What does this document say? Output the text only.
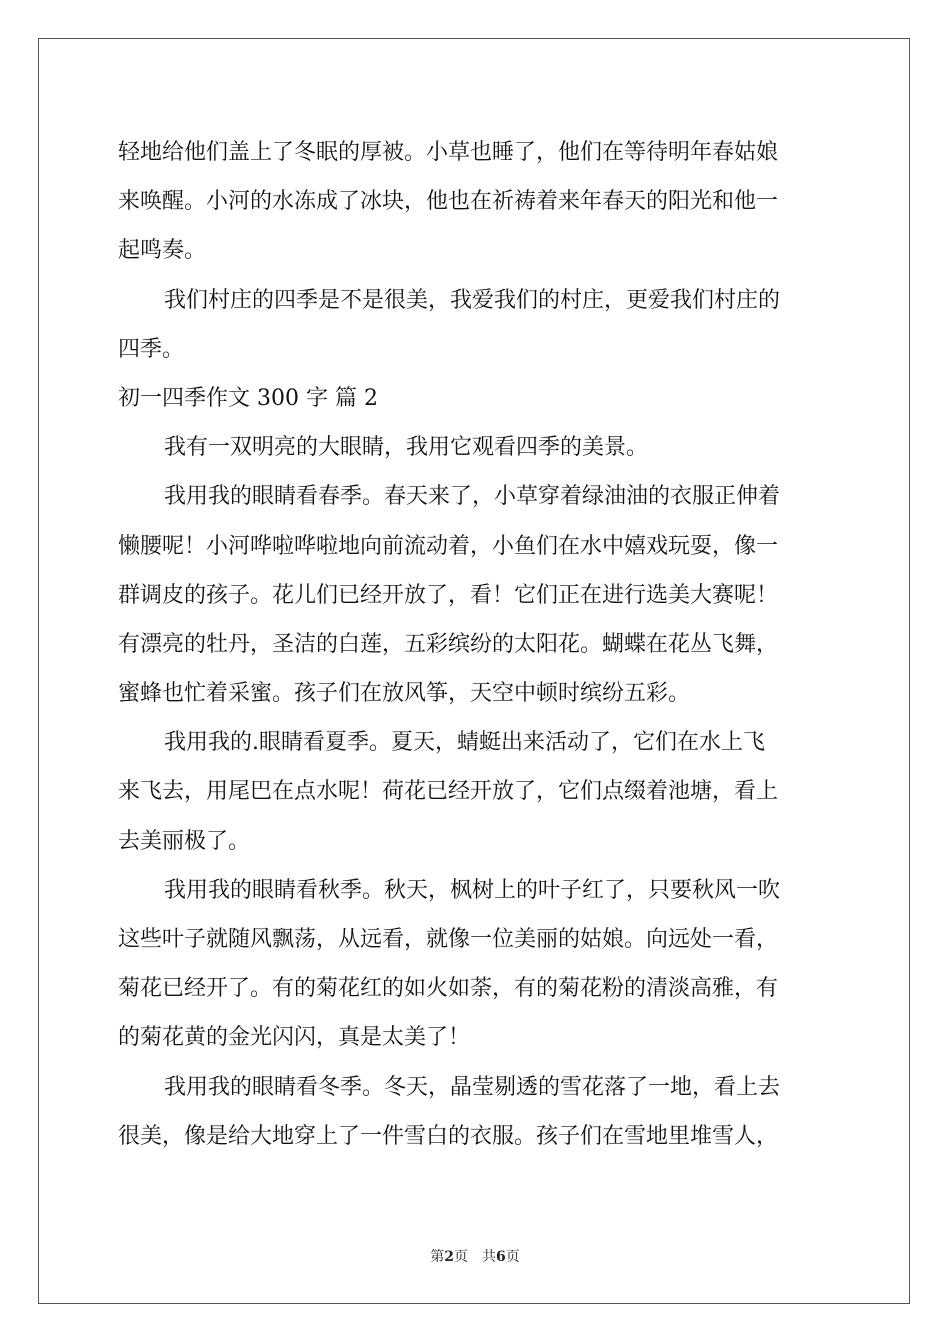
轻地给他们盖上了冬眠的厚被。小草也睡了，他们在等待明年春姑娘
来唤醒。小河的水冻成了冰块，他也在祈祷着来年春天的阳光和他一
起鸣奏。
我们村庄的四季是不是很美，我爱我们的村庄，更爱我们村庄的
四季。
初一四季作文 300 字 篇 2
我有一双明亮的大眼睛，我用它观看四季的美景。
我用我的眼睛看春季。春天来了，小草穿着绿油油的衣服正伸着
懒腰呢！小河哗啦哗啦地向前流动着，小鱼们在水中嬉戏玩耍，像一
群调皮的孩子。花儿们已经开放了，看！它们正在进行选美大赛呢！
有漂亮的牡丹，圣洁的白莲，五彩缤纷的太阳花。蝴蝶在花丛飞舞，
蜜蜂也忙着采蜜。孩子们在放风筝，天空中顿时缤纷五彩。
我用我的.眼睛看夏季。夏天，蜻蜓出来活动了，它们在水上飞
来飞去，用尾巴在点水呢！荷花已经开放了，它们点缀着池塘，看上
去美丽极了。
我用我的眼睛看秋季。秋天，枫树上的叶子红了，只要秋风一吹
这些叶子就随风飘荡，从远看，就像一位美丽的姑娘。向远处一看，
菊花已经开了。有的菊花红的如火如荼，有的菊花粉的清淡高雅，有
的菊花黄的金光闪闪，真是太美了！
我用我的眼睛看冬季。冬天，晶莹剔透的雪花落了一地，看上去
很美，像是给大地穿上了一件雪白的衣服。孩子们在雪地里堆雪人，
第2页 共6页
